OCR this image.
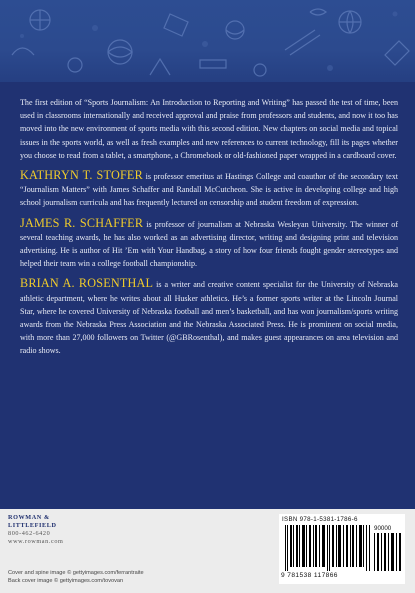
The first edition of “Sports Journalism: An Introduction to Reporting and Writing” has passed the test of time, been used in classrooms internationally and received approval and praise from professors and students, and now it too has moved into the new environment of sports media with this second edition. New chapters on social media and topical issues in the sports world, as well as fresh examples and new references to current technology, fill its pages whether you choose to read from a tablet, a smartphone, a Chromebook or old-fashioned paper wrapped in a cardboard cover.

KATHRYN T. STOFER is professor emeritus at Hastings College and coauthor of the secondary text “Journalism Matters” with James Schaffer and Randall McCutcheon. She is active in developing college and high school journalism curricula and has frequently lectured on censorship and student freedom of expression.

JAMES R. SCHAFFER is professor of journalism at Nebraska Wesleyan University. The winner of several teaching awards, he has also worked as an advertising director, writing and designing print and television advertising. He is author of Hit ’Em with Your Handbag, a story of how four friends fought gender stereotypes and helped their team win a college football championship.

BRIAN A. ROSENTHAL is a writer and creative content specialist for the University of Nebraska athletic department, where he writes about all Husker athletics. He’s a former sports writer at the Lincoln Journal Star, where he covered University of Nebraska football and men’s basketball, and has won journalism/sports writing awards from the Nebraska Press Association and the Nebraska Associated Press. He is prominent on social media, with more than 27,000 followers on Twitter (@GBRosenthal), and makes guest appearances on area television and radio shows.

ROWMAN &
LITTLEFIELD
800-462-6420
www.rowman.com
Cover and spine image © gettyimages.com/ferrantraite
Back cover image © gettyimages.com/tovovan
ISBN 978-1-5381-1786-6
90000
9 781538 117866
